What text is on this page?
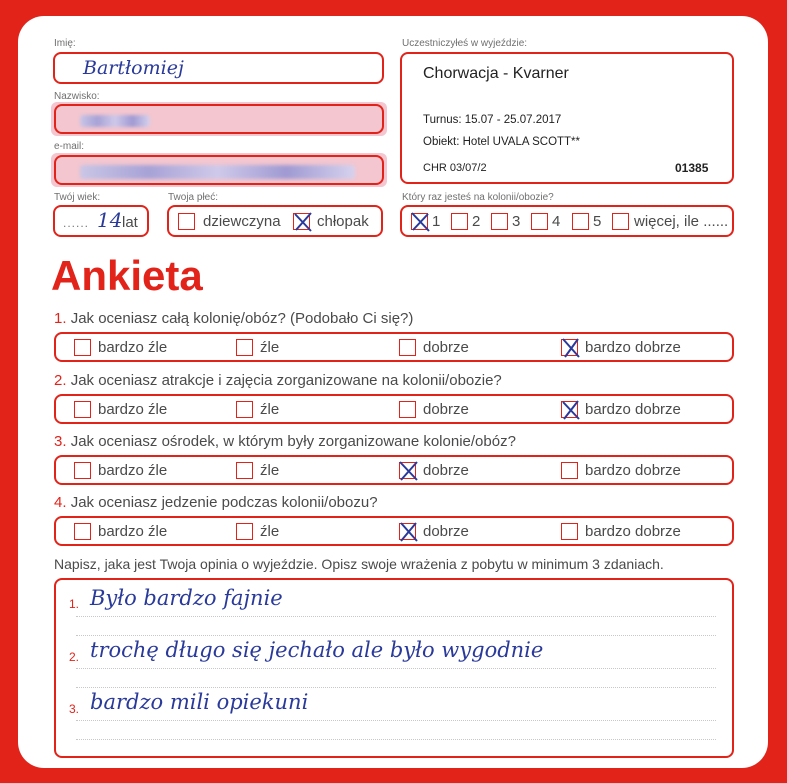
Imię:
Bartłomiej
Nazwisko:
e-mail:
Twój wiek:
...... 14 lat
Twoja płeć:
dziewczyna chłopak
Uczestniczyłeś w wyjeździe:
Chorwacja - Kvarner
Turnus: 15.07 - 25.07.2017
Obiekt: Hotel UVALA SCOTT**
CHR 03/07/2	01385
Który raz jesteś na kolonii/obozie?
1 2 3 4 5 więcej, ile ......
Ankieta
1. Jak oceniasz całą kolonię/obóz? (Podobało Ci się?)
bardzo źle	źle	dobrze	bardzo dobrze
2. Jak oceniasz atrakcje i zajęcia zorganizowane na kolonii/obozie?
bardzo źle	źle	dobrze	bardzo dobrze
3. Jak oceniasz ośrodek, w którym były zorganizowane kolonie/obóz?
bardzo źle	źle	dobrze	bardzo dobrze
4. Jak oceniasz jedzenie podczas kolonii/obozu?
bardzo źle	źle	dobrze	bardzo dobrze
Napisz, jaka jest Twoja opinia o wyjeździe. Opisz swoje wrażenia z pobytu w minimum 3 zdaniach.
1. Było bardzo fajnie
2. trochę długo się jechało ale było wygodnie
3. bardzo mili opiekuni
